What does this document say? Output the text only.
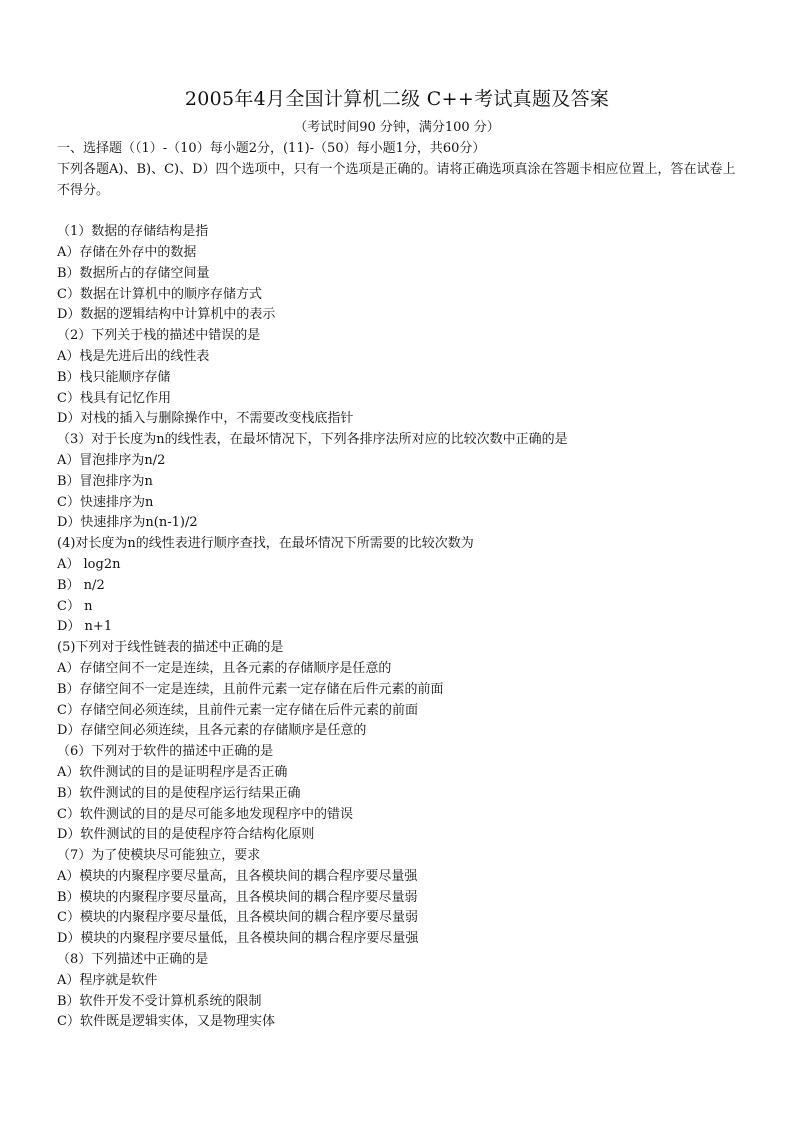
2005年4月全国计算机二级 C++考试真题及答案
（考试时间90 分钟，满分100 分）
一、选择题（（1）-（10）每小题2分，(11)-（50）每小题1分，共60分）
下列各题A)、B)、C)、D）四个选项中，只有一个选项是正确的。请将正确选项真涂在答题卡相应位置上，答在试卷上不得分。
（1）数据的存储结构是指
A）存储在外存中的数据
B）数据所占的存储空间量
C）数据在计算机中的顺序存储方式
D）数据的逻辑结构中计算机中的表示
（2）下列关于栈的描述中错误的是
A）栈是先进后出的线性表
B）栈只能顺序存储
C）栈具有记忆作用
D）对栈的插入与删除操作中，不需要改变栈底指针
（3）对于长度为n的线性表，在最坏情况下，下列各排序法所对应的比较次数中正确的是
A）冒泡排序为n/2
B）冒泡排序为n
C）快速排序为n
D）快速排序为n(n-1)/2
(4)对长度为n的线性表进行顺序查找，在最坏情况下所需要的比较次数为
A） log2n
B） n/2
C） n
D） n+1
(5)下列对于线性链表的描述中正确的是
A）存储空间不一定是连续，且各元素的存储顺序是任意的
B）存储空间不一定是连续，且前件元素一定存储在后件元素的前面
C）存储空间必须连续，且前件元素一定存储在后件元素的前面
D）存储空间必须连续，且各元素的存储顺序是任意的
（6）下列对于软件的描述中正确的是
A）软件测试的目的是证明程序是否正确
B）软件测试的目的是使程序运行结果正确
C）软件测试的目的是尽可能多地发现程序中的错误
D）软件测试的目的是使程序符合结构化原则
（7）为了使模块尽可能独立，要求
A）模块的内聚程序要尽量高，且各模块间的耦合程序要尽量强
B）模块的内聚程序要尽量高，且各模块间的耦合程序要尽量弱
C）模块的内聚程序要尽量低，且各模块间的耦合程序要尽量弱
D）模块的内聚程序要尽量低，且各模块间的耦合程序要尽量强
（8）下列描述中正确的是
A）程序就是软件
B）软件开发不受计算机系统的限制
C）软件既是逻辑实体，又是物理实体
